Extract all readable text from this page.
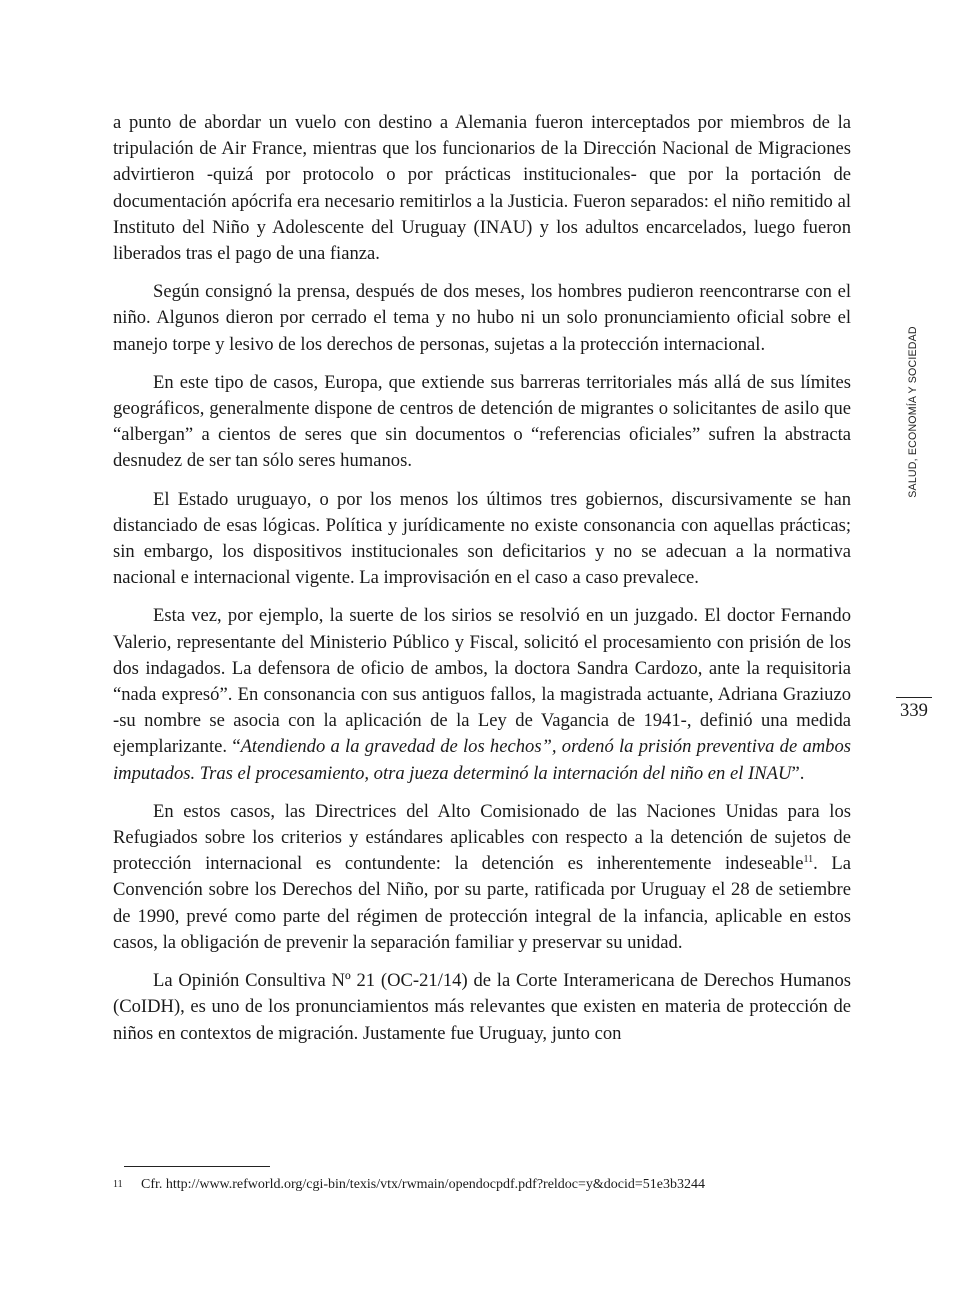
a punto de abordar un vuelo con destino a Alemania fueron interceptados por miembros de la tripulación de Air France, mientras que los funcionarios de la Dirección Nacional de Migraciones advirtieron -quizá por protocolo o por prácticas institucionales- que por la portación de documentación apócrifa era necesario remitirlos a la Justicia. Fueron separados: el niño remitido al Instituto del Niño y Adolescente del Uruguay (INAU) y los adultos encarcelados, luego fueron liberados tras el pago de una fianza.

Según consignó la prensa, después de dos meses, los hombres pudieron reencontrarse con el niño. Algunos dieron por cerrado el tema y no hubo ni un solo pronunciamiento oficial sobre el manejo torpe y lesivo de los derechos de personas, sujetas a la protección internacional.

En este tipo de casos, Europa, que extiende sus barreras territoriales más allá de sus límites geográficos, generalmente dispone de centros de detención de migrantes o solicitantes de asilo que “albergan” a cientos de seres que sin documentos o “referencias oficiales” sufren la abstracta desnudez de ser tan sólo seres humanos.

El Estado uruguayo, o por los menos los últimos tres gobiernos, discursivamente se han distanciado de esas lógicas. Política y jurídicamente no existe consonancia con aquellas prácticas; sin embargo, los dispositivos institucionales son deficitarios y no se adecuan a la normativa nacional e internacional vigente. La improvisación en el caso a caso prevalece.

Esta vez, por ejemplo, la suerte de los sirios se resolvió en un juzgado. El doctor Fernando Valerio, representante del Ministerio Público y Fiscal, solicitó el procesamiento con prisión de los dos indagados. La defensora de oficio de ambos, la doctora Sandra Cardozo, ante la requisitoria “nada expresó”. En consonancia con sus antiguos fallos, la magistrada actuante, Adriana Graziuzo -su nombre se asocia con la aplicación de la Ley de Vagancia de 1941-, definió una medida ejemplarizante. “Atendiendo a la gravedad de los hechos”, ordenó la prisión preventiva de ambos imputados. Tras el procesamiento, otra jueza determinó la internación del niño en el INAU”.

En estos casos, las Directrices del Alto Comisionado de las Naciones Unidas para los Refugiados sobre los criterios y estándares aplicables con respecto a la detención de sujetos de protección internacional es contundente: la detención es inherentemente indeseable$^{11}$. La Convención sobre los Derechos del Niño, por su parte, ratificada por Uruguay el 28 de setiembre de 1990, prevé como parte del régimen de protección integral de la infancia, aplicable en estos casos, la obligación de prevenir la separación familiar y preservar su unidad.

La Opinión Consultiva Nº 21 (OC-21/14) de la Corte Interamericana de Derechos Humanos (CoIDH), es uno de los pronunciamientos más relevantes que existen en materia de protección de niños en contextos de migración. Justamente fue Uruguay, junto con

SALUD, ECONOMÍA Y SOCIEDAD
339
11 Cfr. http://www.refworld.org/cgi-bin/texis/vtx/rwmain/opendocpdf.pdf?reldoc=y&docid=51e3b3244
